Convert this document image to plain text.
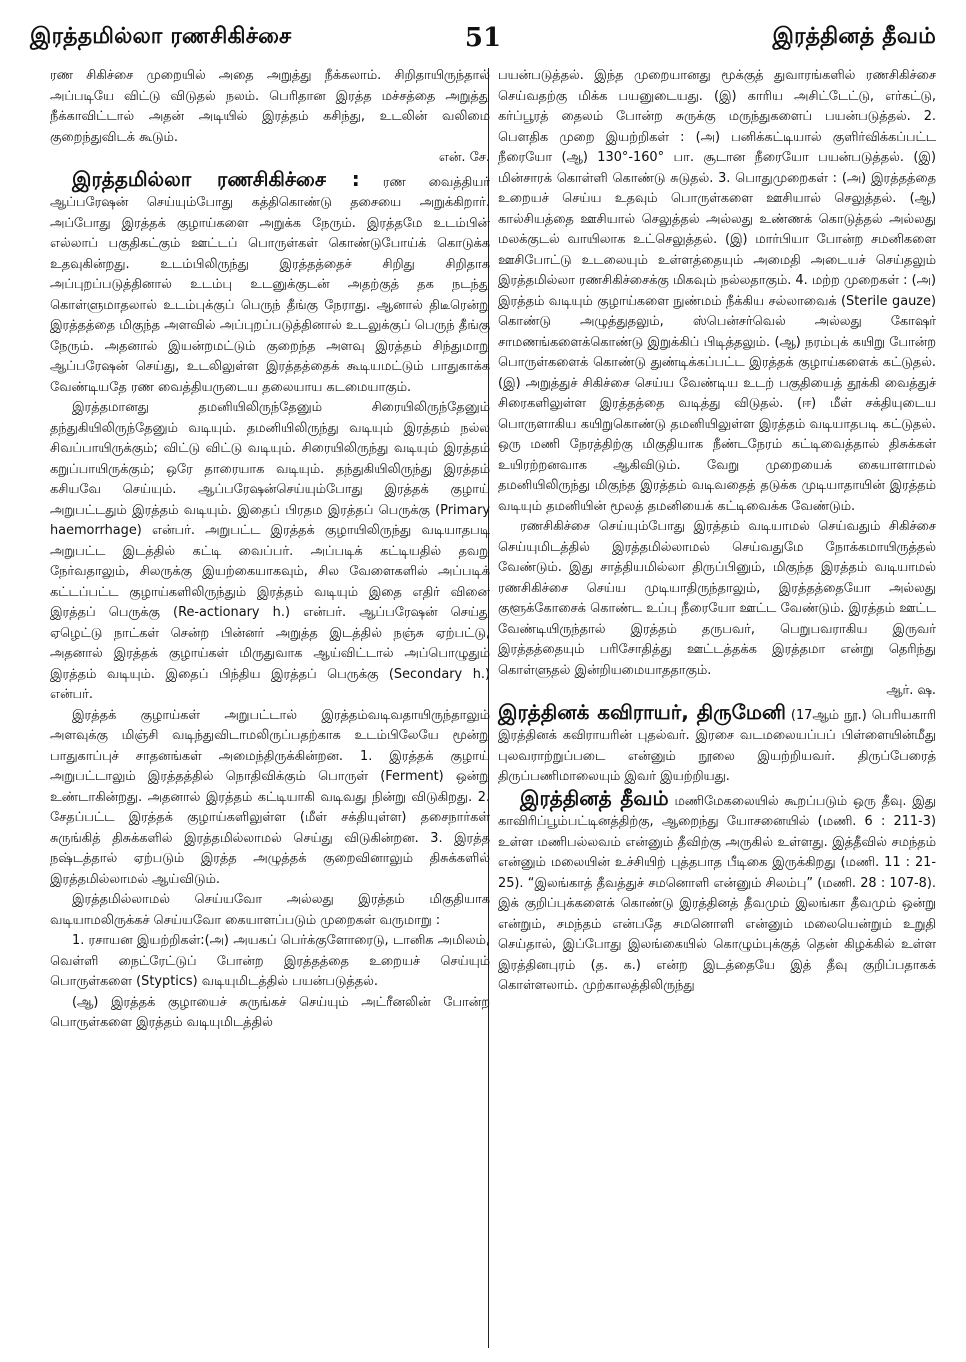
இரத்தமில்லா ரணசிகிச்சை	51	இரத்தினத் தீவம்

ரண சிகிச்சை முறையில் அதை அறுத்து நீக்கலாம். சிறிதாயிருந்தால் அப்படியே விட்டு விடுதல் நலம். பெரிதான இரத்த மச்சத்தை அறுத்து நீக்காவிட்டால் அதன் அடியில் இரத்தம் கசிந்து, உடலின் வலிமை குறைந்துவிடக் கூடும்.

என். சே.

இரத்தமில்லா ரணசிகிச்சை : ரண வைத்தியர் ஆப்பரேஷன் செய்யும்போது கத்திகொண்டு தசையை அறுக்கிறார். அப்போது இரத்தக் குழாய்களை அறுக்க நேரும். இரத்தமே உடம்பின் எல்லாப் பகுதிகட்கும் ஊட்டப் பொருள்கள் கொண்டுபோய்க் கொடுக்க உதவுகின்றது. உடம்பிலிருந்து இரத்தத்தைச் சிறிது சிறிதாக அப்புறப்படுத்தினால் உடம்பு உடனுக்குடன் அதற்குத் தக நடந்து கொள்ளுமாதலால் உடம்புக்குப் பெருந் தீங்கு நேராது. ஆனால் திடீரென்று இரத்தத்தை மிகுந்த அளவில் அப்புறப்படுத்தினால் உடலுக்குப் பெருந் தீங்கு நேரும். அதனால் இயன்றமட்டும் குறைந்த அளவு இரத்தம் சிந்துமாறு ஆப்பரேஷன் செய்து, உடலிலுள்ள இரத்தத்தைக் கூடியமட்டும் பாதுகாக்க வேண்டியதே ரண வைத்தியருடைய தலையாய கடமையாகும்.

இரத்தமானது தமனியிலிருந்தேனும் சிரையிலிருந்தேனும் தந்துகியிலிருந்தேனும் வடியும். தமனியிலிருந்து வடியும் இரத்தம் நல்ல சிவப்பாயிருக்கும்; விட்டு விட்டு வடியும். சிரையிலிருந்து வடியும் இரத்தம் கறுப்பாயிருக்கும்; ஒரே தாரையாக வடியும். தந்துகியிலிருந்து இரத்தம் கசியவே செய்யும். ஆப்பரேஷன்செய்யும்போது இரத்தக் குழாய் அறுபட்டதும் இரத்தம் வடியும். இதைப் பிரதம இரத்தப் பெருக்கு (Primary haemorrhage) என்பர். அறுபட்ட இரத்தக் குழாயிலிருந்து வடியாதபடி அறுபட்ட இடத்தில் கட்டி வைப்பர். அப்படிக் கட்டியதில் தவறு நேர்வதாலும், சிலருக்கு இயற்கையாகவும், சில வேளைகளில் அப்படிக் கட்டப்பட்ட குழாய்களிலிருந்தும் இரத்தம் வடியும் இதை எதிர் வினை இரத்தப் பெருக்கு (Re-actionary h.) என்பர். ஆப்பரேஷன் செய்து ஏழெட்டு நாட்கள் சென்ற பின்னர் அறுத்த இடத்தில் நஞ்சு ஏற்பட்டு, அதனால் இரத்தக் குழாய்கள் மிருதுவாக ஆய்விட்டால் அப்பொழுதும் இரத்தம் வடியும். இதைப் பிந்திய இரத்தப் பெருக்கு (Secondary h.) என்பர்.

இரத்தக் குழாய்கள் அறுபட்டால் இரத்தம்வடிவதாயிருந்தாலும் அளவுக்கு மிஞ்சி வடிந்துவிடாமலிருப்பதற்காக உடம்பிலேயே மூன்று பாதுகாப்புச் சாதனங்கள் அமைந்திருக்கின்றன. 1. இரத்தக் குழாய் அறுபட்டாலும் இரத்தத்தில் நொதிவிக்கும் பொருள் (Ferment) ஒன்று உண்டாகின்றது. அதனால் இரத்தம் கட்டியாகி வடிவது நின்று விடுகிறது. 2. சேதப்பட்ட இரத்தக் குழாய்களிலுள்ள (மீள் சக்தியுள்ள) தசைநார்கள் சுருங்கித் திசுக்களில் இரத்தமில்லாமல் செய்து விடுகின்றன. 3. இரத்த நஷ்டத்தால் ஏற்படும் இரத்த அழுத்தக் குறைவினாலும் திசுக்களில் இரத்தமில்லாமல் ஆய்விடும்.

இரத்தமில்லாமல் செய்யவோ அல்லது இரத்தம் மிகுதியாக வடியாமலிருக்கச் செய்யவோ கையாளப்படும் முறைகள் வருமாறு :

1. ரசாயன இயற்றிகள்:(அ) அயகப் பெர்க்குளோரைடு, டானிக அமிலம், வெள்ளி நைட்ரேட்டுப் போன்ற இரத்தத்தை உறையச் செய்யும் பொருள்களை (Styptics) வடியுமிடத்தில் பயன்படுத்தல்.

(ஆ) இரத்தக் குழாயைச் சுருங்கச் செய்யும் அட்ரீனலின் போன்ற பொருள்களை இரத்தம் வடியுமிடத்தில்

பயன்படுத்தல். இந்த முறையானது மூக்குத் துவாரங்களில் ரணசிகிச்சை செய்வதற்கு மிக்க பயனுடையது. (இ) காரிய அசிட்டேட்டு, எர்கட்டு, கர்ப்பூரத் தைலம் போன்ற சுருக்கு மருந்துகளைப் பயன்படுத்தல். 2. பௌதிக முறை இயற்றிகள் : (அ) பனிக்கட்டியால் குளிர்விக்கப்பட்ட நீரையோ (ஆ) 130°-160° பா. சூடான நீரையோ பயன்படுத்தல். (இ) மின்சாரக் கொள்ளி கொண்டு சுடுதல். 3. பொதுமுறைகள் : (அ) இரத்தத்தை உறையச் செய்ய உதவும் பொருள்களை ஊசியால் செலுத்தல். (ஆ) கால்சியத்தை ஊசியால் செலுத்தல் அல்லது உண்ணக் கொடுத்தல் அல்லது மலக்குடல் வாயிலாக உட்செலுத்தல். (இ) மார்பியா போன்ற சமனிகளை ஊசிபோட்டு உடலையும் உள்ளத்தையும் அமைதி அடையச் செய்தலும் இரத்தமில்லா ரணசிகிச்சைக்கு மிகவும் நல்லதாகும். 4. மற்ற முறைகள் : (அ) இரத்தம் வடியும் குழாய்களை நுண்மம் நீக்கிய சல்லாவைக் (Sterile gauze) கொண்டு அழுத்துதலும், ஸ்பென்சர்வெல் அல்லது கோஷர் சாமணங்களைக்கொண்டு இறுக்கிப் பிடித்தலும். (ஆ) நரம்புக் கயிறு போன்ற பொருள்களைக் கொண்டு துண்டிக்கப்பட்ட இரத்தக் குழாய்களைக் கட்டுதல். (இ) அறுத்துச் சிகிச்சை செய்ய வேண்டிய உடற் பகுதியைத் தூக்கி வைத்துச் சிரைகளிலுள்ள இரத்தத்தை வடித்து விடுதல். (ஈ) மீள் சக்தியுடைய பொருளாகிய கயிறுகொண்டு தமனியிலுள்ள இரத்தம் வடியாதபடி கட்டுதல். ஒரு மணி நேரத்திற்கு மிகுதியாக நீண்டநேரம் கட்டிவைத்தால் திசுக்கள் உயிரற்றனவாக ஆகிவிடும். வேறு முறையைக் கையாளாமல் தமனியிலிருந்து மிகுந்த இரத்தம் வடிவதைத் தடுக்க முடியாதாயின் இரத்தம் வடியும் தமனியின் மூலத் தமனியைக் கட்டிவைக்க வேண்டும்.

ரணசிகிச்சை செய்யும்போது இரத்தம் வடியாமல் செய்வதும் சிகிச்சை செய்யுமிடத்தில் இரத்தமில்லாமல் செய்வதுமே நோக்கமாயிருத்தல் வேண்டும். இது சாத்தியமில்லா திருப்பினும், மிகுந்த இரத்தம் வடியாமல் ரணசிகிச்சை செய்ய முடியாதிருந்தாலும், இரத்தத்தையோ அல்லது குளூக்கோசைக் கொண்ட உப்பு நீரையோ ஊட்ட வேண்டும். இரத்தம் ஊட்ட வேண்டியிருந்தால் இரத்தம் தருபவர், பெறுபவராகிய இருவர் இரத்தத்தையும் பரிசோதித்து ஊட்டத்தக்க இரத்தமா என்று தெரிந்து கொள்ளுதல் இன்றியமையாததாகும்.

ஆர். ஷ.

இரத்தினக் கவிராயர், திருமேனி (17ஆம் நூ.) பெரியகாரி இரத்தினக் கவிராயரின் புதல்வர். இரசை வடமலையப்பப் பிள்ளையின்மீது புலவராற்றுப்படை என்னும் நூலை இயற்றியவர். திருப்பேரைத் திருப்பணிமாலையும் இவர் இயற்றியது.

இரத்தினத் தீவம் மணிமேகலையில் கூறப்படும் ஒரு தீவு. இது காவிரிப்பூம்பட்டினத்திற்கு, ஆறைந்து யோசனையில் (மணி. 6 : 211-3) உள்ள மணிபல்லவம் என்னும் தீவிற்கு அருகில் உள்ளது. இத்தீவில் சமந்தம் என்னும் மலையின் உச்சியிற் புத்தபாத பீடிகை இருக்கிறது (மணி. 11 : 21-25). “இலங்காத் தீவத்துச் சமனொளி என்னும் சிலம்பு” (மணி. 28 : 107-8). இக் குறிப்புக்களைக் கொண்டு இரத்தினத் தீவமும் இலங்கா தீவமும் ஒன்று என்றும், சமந்தம் என்பதே சமனொளி என்னும் மலையென்றும் உறுதி செய்தால், இப்போது இலங்கையில் கொழும்புக்குத் தென் கிழக்கில் உள்ள இரத்தினபுரம் (த. க.) என்ற இடத்தையே இத் தீவு குறிப்பதாகக் கொள்ளலாம். முற்காலத்திலிருந்து
